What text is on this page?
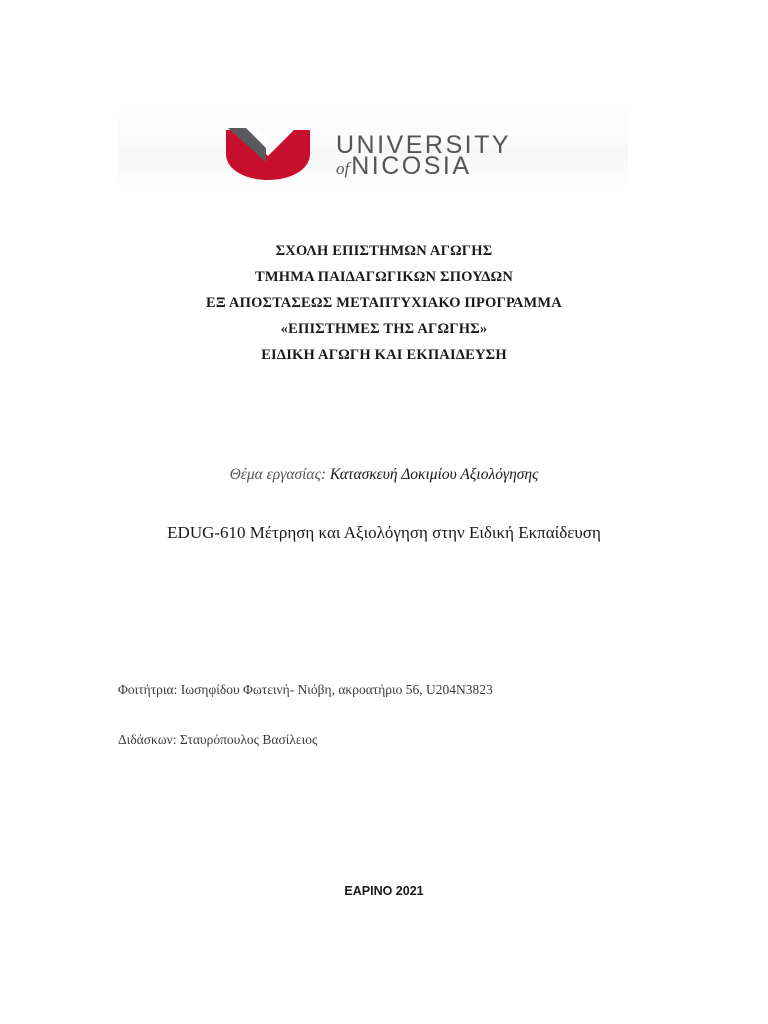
UNIVERSITY
ofNICOSIA
ΣΧΟΛΗ ΕΠΙΣΤΗΜΩΝ ΑΓΩΓΗΣ
ΤΜΗΜΑ ΠΑΙΔΑΓΩΓΙΚΩΝ ΣΠΟΥΔΩΝ
ΕΞ ΑΠΟΣΤΑΣΕΩΣ ΜΕΤΑΠΤΥΧΙΑΚΟ ΠΡΟΓΡΑΜΜΑ
«ΕΠΙΣΤΗΜΕΣ ΤΗΣ ΑΓΩΓΗΣ»
ΕΙΔΙΚΗ ΑΓΩΓΗ ΚΑΙ ΕΚΠΑΙΔΕΥΣΗ
Θέμα εργασίας: Κατασκευή Δοκιμίου Αξιολόγησης
EDUG-610 Μέτρηση και Αξιολόγηση στην Ειδική Εκπαίδευση
Φοιτήτρια: Ιωσηφίδου Φωτεινή- Νιόβη, ακροατήριο 56, U204N3823
Διδάσκων: Σταυρόπουλος Βασίλειος
ΕΑΡΙΝΟ 2021
